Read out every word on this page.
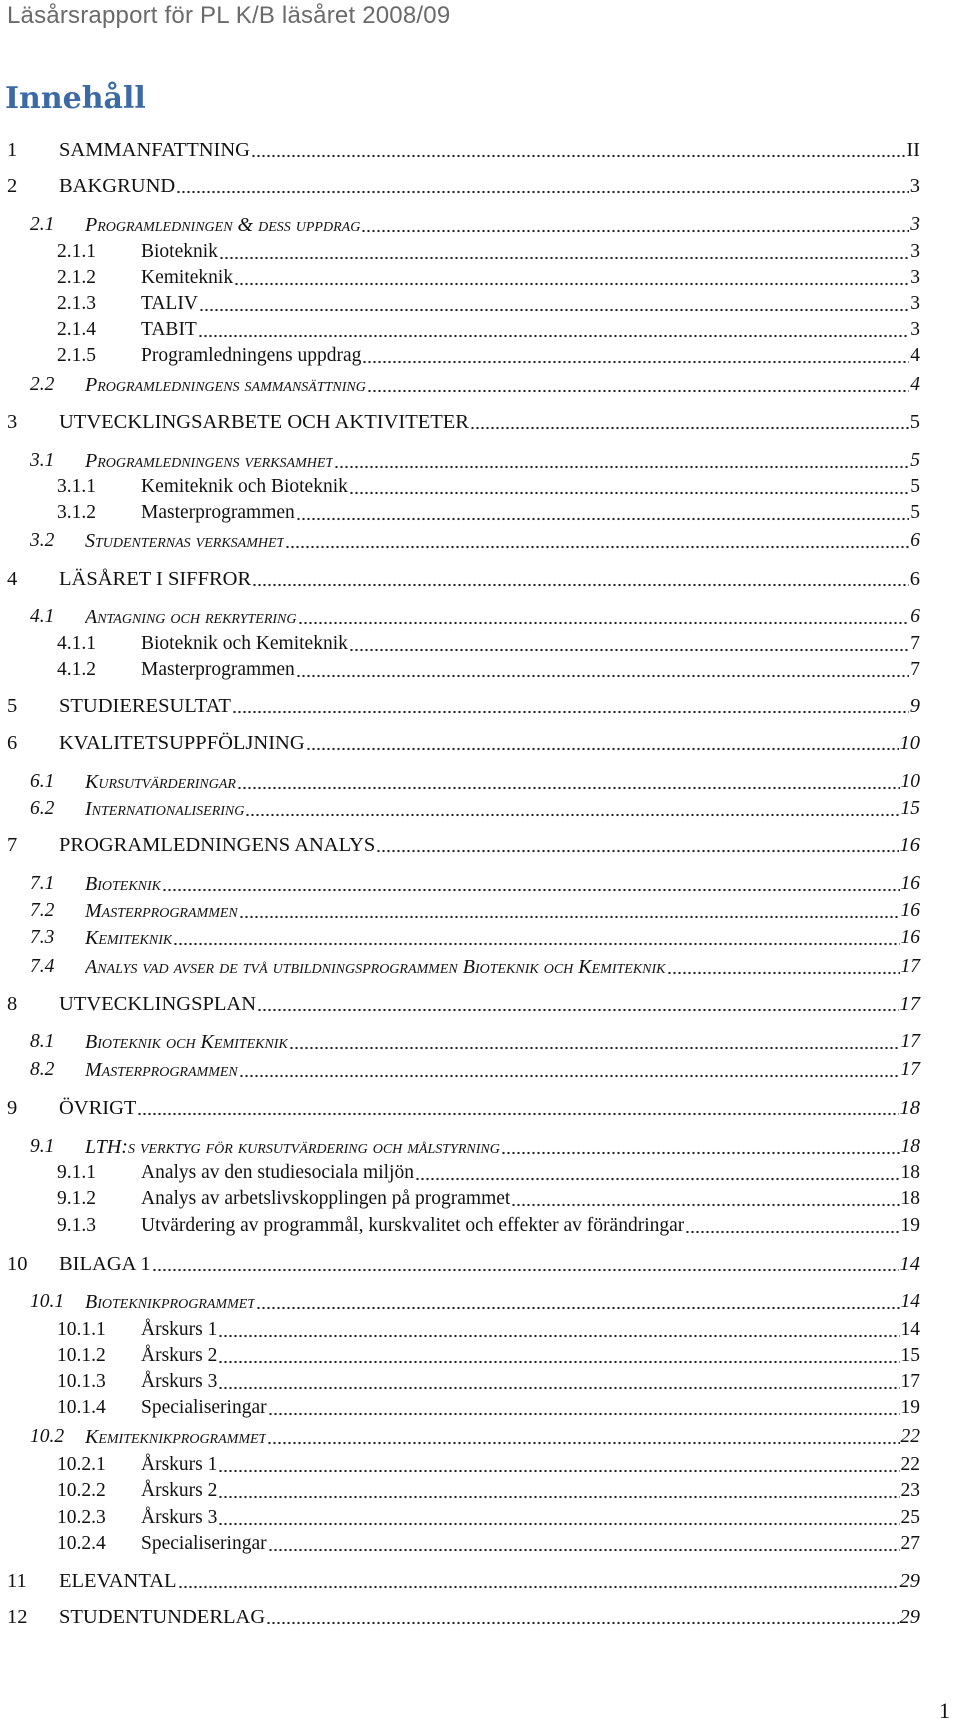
Läsårsrapport för PL K/B läsåret 2008/09
Innehåll
1	SAMMANFATTNING	II
2	BAKGRUND	3
2.1	Programledningen & dess uppdrag	3
2.1.1	Bioteknik	3
2.1.2	Kemiteknik	3
2.1.3	TALIV	3
2.1.4	TABIT	3
2.1.5	Programledningens uppdrag	4
2.2	Programledningens sammansättning	4
3	UTVECKLINGSARBETE OCH AKTIVITETER	5
3.1	Programledningens verksamhet	5
3.1.1	Kemiteknik och Bioteknik	5
3.1.2	Masterprogrammen	5
3.2	Studenternas verksamhet	6
4	LÄSÅRET I SIFFROR	6
4.1	Antagning och rekrytering	6
4.1.1	Bioteknik och Kemiteknik	7
4.1.2	Masterprogrammen	7
5	STUDIERESULTAT	9
6	KVALITETSUPPFÖLJNING	10
6.1	Kursutvärderingar	10
6.2	Internationalisering	15
7	PROGRAMLEDNINGENS ANALYS	16
7.1	Bioteknik	16
7.2	Masterprogrammen	16
7.3	Kemiteknik	16
7.4	Analys vad avser de två utbildningsprogrammen Bioteknik och Kemiteknik	17
8	UTVECKLINGSPLAN	17
8.1	Bioteknik och Kemiteknik	17
8.2	Masterprogrammen	17
9	ÖVRIGT	18
9.1	LTH:s verktyg för kursutvärdering och målstyrning	18
9.1.1	Analys av den studiesociala miljön	18
9.1.2	Analys av arbetslivskopplingen på programmet	18
9.1.3	Utvärdering av programmål, kurskvalitet och effekter av förändringar	19
10	BILAGA 1	14
10.1	Bioteknikprogrammet	14
10.1.1	Årskurs 1	14
10.1.2	Årskurs 2	15
10.1.3	Årskurs 3	17
10.1.4	Specialiseringar	19
10.2	Kemiteknikprogrammet	22
10.2.1	Årskurs 1	22
10.2.2	Årskurs 2	23
10.2.3	Årskurs 3	25
10.2.4	Specialiseringar	27
11	ELEVANTAL	29
12	STUDENTUNDERLAG	29
1
